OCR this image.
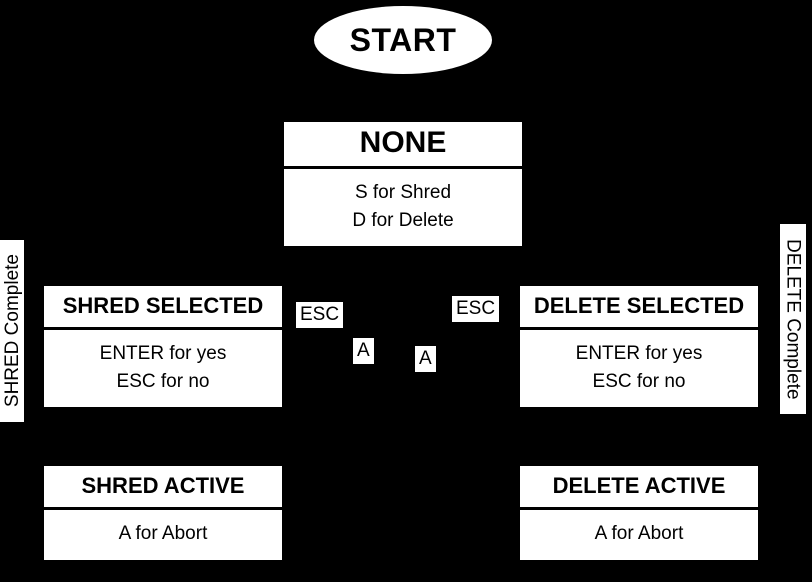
START
NONE
S for Shred
D for Delete
SHRED SELECTED
ENTER for yes
ESC for no
DELETE SELECTED
ENTER for yes
ESC for no
SHRED ACTIVE
A for Abort
DELETE ACTIVE
A for Abort
ESC	ESC
A	A
SHRED Complete	DELETE Complete
